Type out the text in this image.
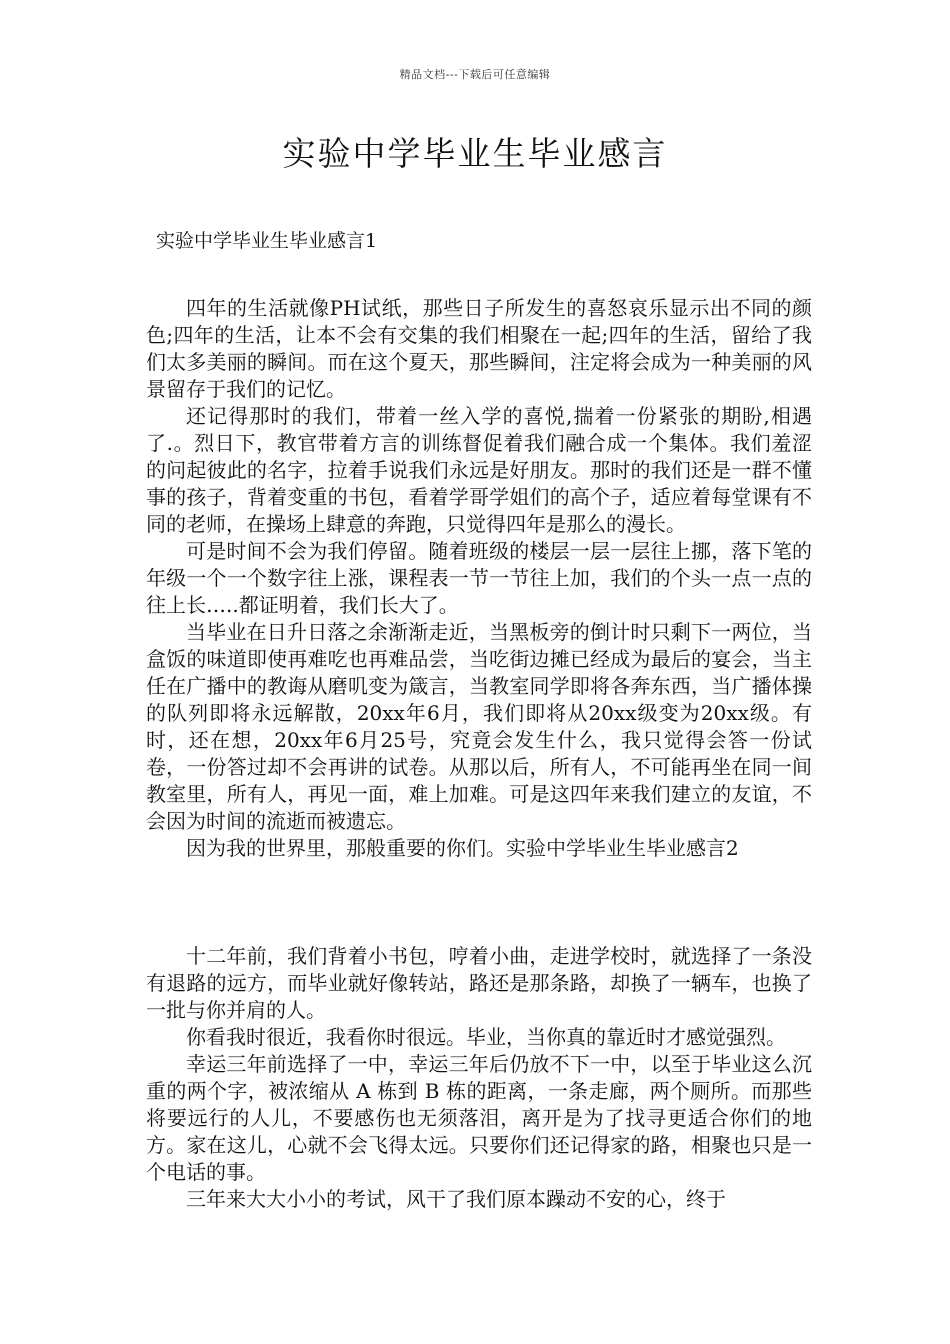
精品文档---下载后可任意编辑
实验中学毕业生毕业感言
实验中学毕业生毕业感言1

四年的生活就像PH试纸，那些日子所发生的喜怒哀乐显示出不同的颜色;四年的生活，让本不会有交集的我们相聚在一起;四年的生活，留给了我们太多美丽的瞬间。而在这个夏天，那些瞬间，注定将会成为一种美丽的风景留存于我们的记忆。

还记得那时的我们，带着一丝入学的喜悦,揣着一份紧张的期盼,相遇了.。烈日下，教官带着方言的训练督促着我们融合成一个集体。我们羞涩的问起彼此的名字，拉着手说我们永远是好朋友。那时的我们还是一群不懂事的孩子，背着变重的书包，看着学哥学姐们的高个子，适应着每堂课有不同的老师，在操场上肆意的奔跑，只觉得四年是那么的漫长。

可是时间不会为我们停留。随着班级的楼层一层一层往上挪，落下笔的年级一个一个数字往上涨，课程表一节一节往上加，我们的个头一点一点的往上长…..都证明着，我们长大了。

当毕业在日升日落之余渐渐走近，当黑板旁的倒计时只剩下一两位，当盒饭的味道即使再难吃也再难品尝，当吃街边摊已经成为最后的宴会，当主任在广播中的教诲从磨叽变为箴言，当教室同学即将各奔东西，当广播体操的队列即将永远解散，20xx年6月，我们即将从20xx级变为20xx级。有时，还在想，20xx年6月25号，究竟会发生什么，我只觉得会答一份试卷，一份答过却不会再讲的试卷。从那以后，所有人，不可能再坐在同一间教室里，所有人，再见一面，难上加难。可是这四年来我们建立的友谊，不会因为时间的流逝而被遗忘。

因为我的世界里，那般重要的你们。实验中学毕业生毕业感言2

十二年前，我们背着小书包，哼着小曲，走进学校时，就选择了一条没有退路的远方，而毕业就好像转站，路还是那条路，却换了一辆车，也换了一批与你并肩的人。

你看我时很近，我看你时很远。毕业，当你真的靠近时才感觉强烈。

幸运三年前选择了一中，幸运三年后仍放不下一中，以至于毕业这么沉重的两个字，被浓缩从 A 栋到 B 栋的距离，一条走廊，两个厕所。而那些将要远行的人儿，不要感伤也无须落泪，离开是为了找寻更适合你们的地方。家在这儿，心就不会飞得太远。只要你们还记得家的路，相聚也只是一个电话的事。

三年来大大小小的考试，风干了我们原本躁动不安的心，终于
